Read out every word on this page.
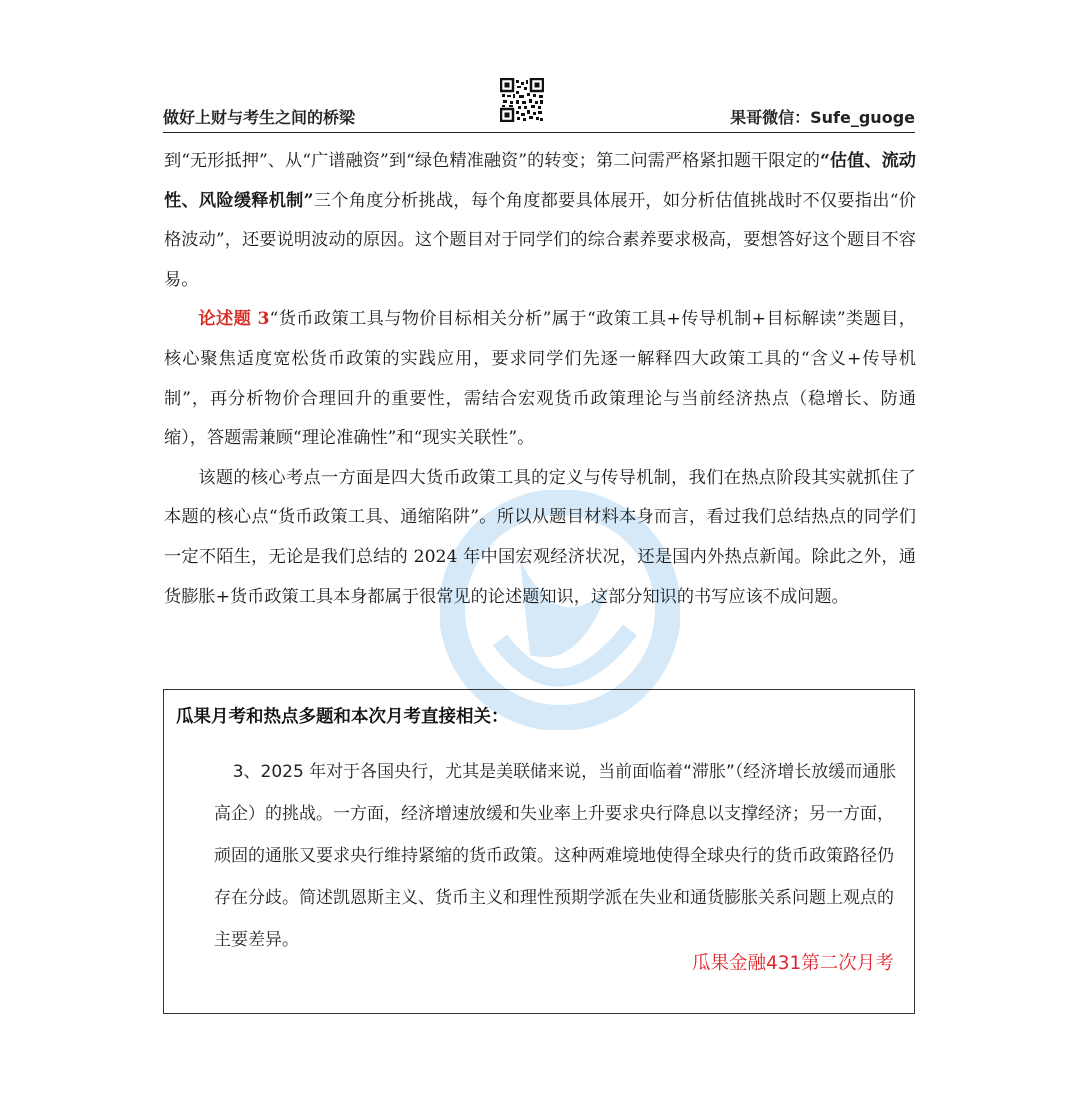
做好上财与考生之间的桥梁	果哥微信：Sufe_guoge

到“无形抵押”、从“广谱融资”到“绿色精准融资”的转变；第二问需严格紧扣题干限定的“估值、流动性、风险缓释机制”三个角度分析挑战，每个角度都要具体展开，如分析估值挑战时不仅要指出“价格波动”，还要说明波动的原因。这个题目对于同学们的综合素养要求极高，要想答好这个题目不容易。

论述题 3“货币政策工具与物价目标相关分析”属于“政策工具+传导机制+目标解读”类题目，核心聚焦适度宽松货币政策的实践应用，要求同学们先逐一解释四大政策工具的“含义+传导机制”，再分析物价合理回升的重要性，需结合宏观货币政策理论与当前经济热点（稳增长、防通缩），答题需兼顾“理论准确性”和“现实关联性”。

该题的核心考点一方面是四大货币政策工具的定义与传导机制，我们在热点阶段其实就抓住了本题的核心点“货币政策工具、通缩陷阱”。所以从题目材料本身而言，看过我们总结热点的同学们一定不陌生，无论是我们总结的 2024 年中国宏观经济状况，还是国内外热点新闻。除此之外，通货膨胀+货币政策工具本身都属于很常见的论述题知识，这部分知识的书写应该不成问题。

瓜果月考和热点多题和本次月考直接相关：

3、2025 年对于各国央行，尤其是美联储来说，当前面临着“滞胀”（经济增长放缓而通胀高企）的挑战。一方面，经济增速放缓和失业率上升要求央行降息以支撑经济；另一方面，顽固的通胀又要求央行维持紧缩的货币政策。这种两难境地使得全球央行的货币政策路径仍存在分歧。简述凯恩斯主义、货币主义和理性预期学派在失业和通货膨胀关系问题上观点的主要差异。

瓜果金融431第二次月考
